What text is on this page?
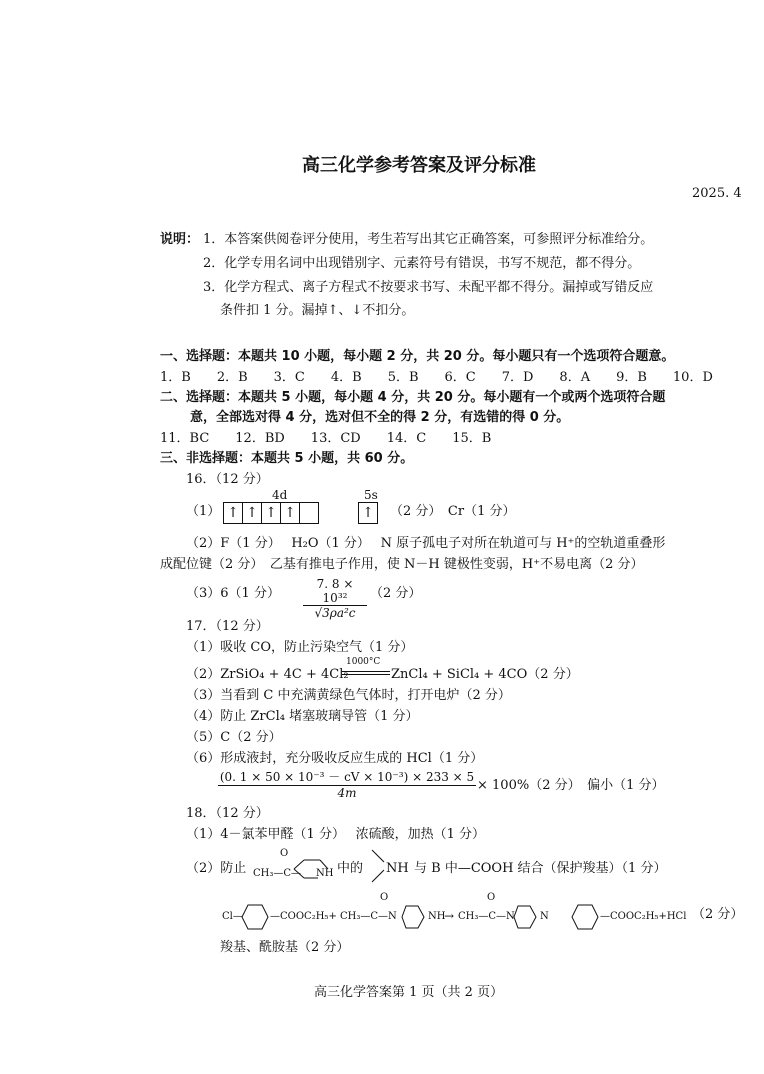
高三化学参考答案及评分标准
2025. 4
说明： 1．本答案供阅卷评分使用，考生若写出其它正确答案，可参照评分标准给分。
2．化学专用名词中出现错别字、元素符号有错误，书写不规范，都不得分。
3．化学方程式、离子方程式不按要求书写、未配平都不得分。漏掉或写错反应
条件扣 1 分。漏掉↑、↓不扣分。
一、选择题：本题共 10 小题，每小题 2 分，共 20 分。每小题只有一个选项符合题意。
1．B　　2．B　　3．C　　4．B　　5．B　　6．C　　7．D　　8．A　　9．B　　10．D
二、选择题：本题共 5 小题，每小题 4 分，共 20 分。每小题有一个或两个选项符合题
意，全部选对得 4 分，选对但不全的得 2 分，有选错的得 0 分。
11．BC　　12．BD　　13．CD　　14．C　　15．B
三、非选择题：本题共 5 小题，共 60 分。
16．（12 分）
（1）
4d	5s
↑ ↑ ↑ ↑	↑	（2 分）　Cr（1 分）
（2）F（1 分）　 H₂O（1 分）　 N 原子孤电子对所在轨道可与 H⁺的空轨道重叠形
成配位键（2 分）　乙基有推电子作用，使 N－H 键极性变弱，H⁺不易电离（2 分）
（3）6（1 分）
7. 8 × 10³²
√3ρa²c
（2 分）
17．（12 分）
（1）吸收 CO，防止污染空气（1 分）
（2）ZrSiO₄ + 4C + 4Cl₂
1000°C
ZnCl₄ + SiCl₄ + 4CO（2 分）
（3）当看到 C 中充满黄绿色气体时，打开电炉（2 分）
（4）防止 ZrCl₄ 堵塞玻璃导管（1 分）
（5）C（2 分）
（6）形成液封，充分吸收反应生成的 HCl（1 分）
(0. 1 × 50 × 10⁻³ － cV × 10⁻³) × 233 × 5
4m	× 100%（2 分）　偏小（1 分）
18．（12 分）
（1）4－氯苯甲醛（1 分）　 浓硫酸，加热（1 分）
（2）防止
O
CH₃—C— NH 中的 NH 与 B 中—COOH 结合（保护羧基）（1 分）
Cl—	—COOC₂H₅+ CH₃—C—N
O
NH
→ CH₃—C—N
O
N	—COOC₂H₅+HCl （2 分）
羧基、酰胺基（2 分）
高三化学答案第 1 页（共 2 页）
